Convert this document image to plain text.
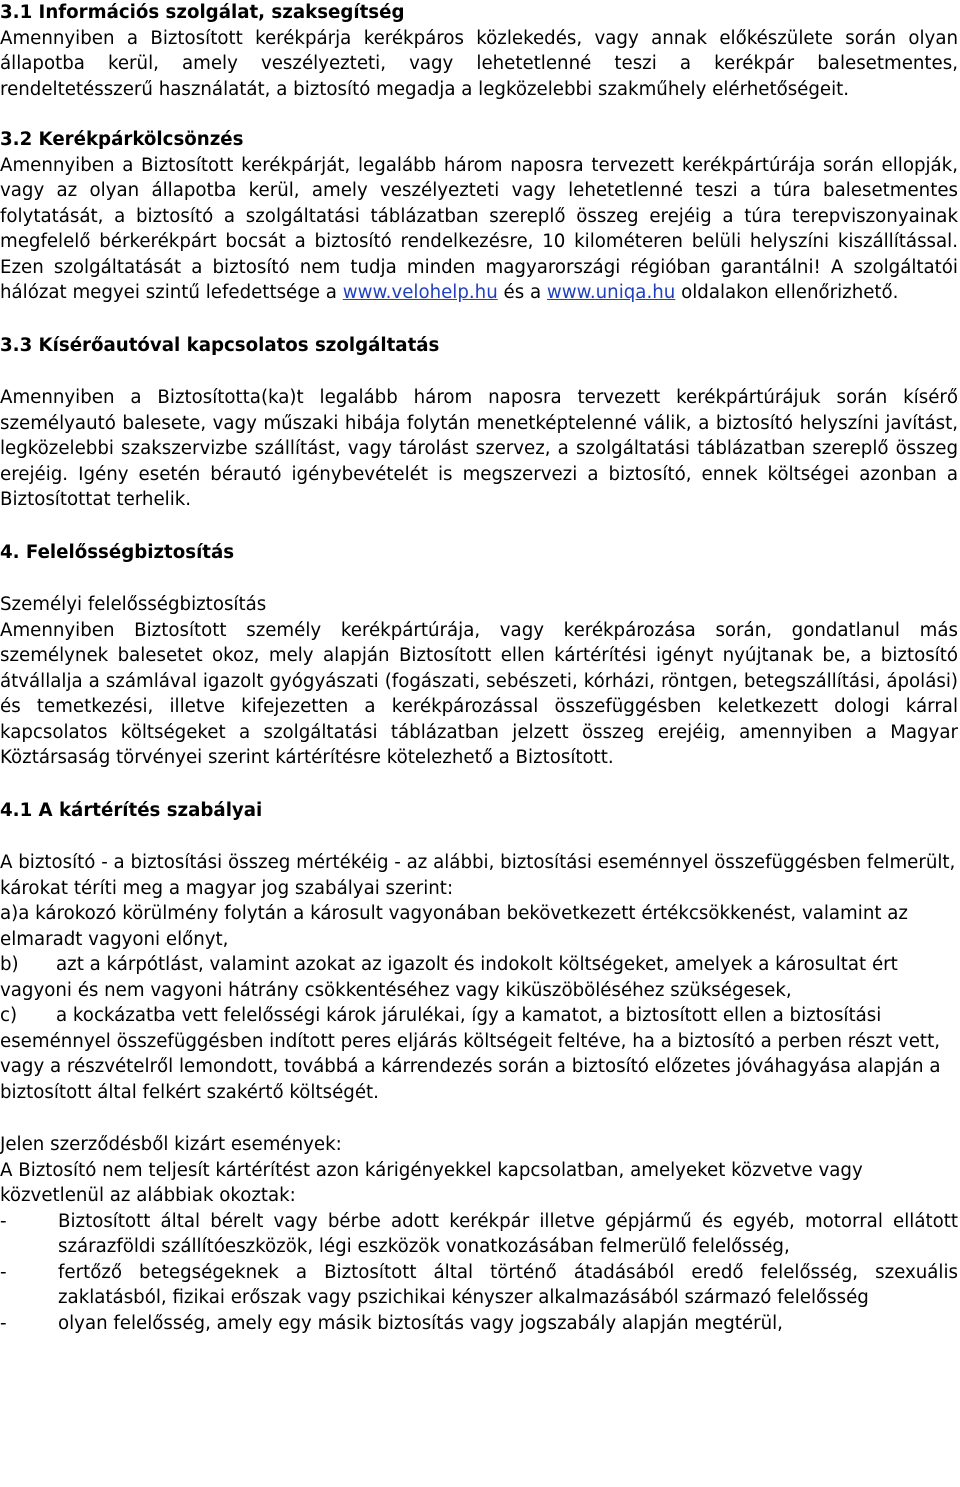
3.1 Információs szolgálat, szaksegítség

Amennyiben a Biztosított kerékpárja kerékpáros közlekedés, vagy annak előkészülete során olyan állapotba kerül, amely veszélyezteti, vagy lehetetlenné teszi a kerékpár balesetmentes, rendeltetésszerű használatát, a biztosító megadja a legközelebbi szakműhely elérhetőségeit.

3.2 Kerékpárkölcsönzés

Amennyiben a Biztosított kerékpárját, legalább három naposra tervezett kerékpártúrája során ellopják, vagy az olyan állapotba kerül, amely veszélyezteti vagy lehetetlenné teszi a túra balesetmentes folytatását, a biztosító a szolgáltatási táblázatban szereplő összeg erejéig a túra terepviszonyainak megfelelő bérkerékpárt bocsát a biztosító rendelkezésre, 10 kilométeren belüli helyszíni kiszállítással. Ezen szolgáltatását a biztosító nem tudja minden magyarországi régióban garantálni! A szolgáltatói hálózat megyei szintű lefedettsége a www.velohelp.hu és a www.uniqa.hu oldalakon ellenőrizhető.

3.3 Kísérőautóval kapcsolatos szolgáltatás

Amennyiben a Biztosította(ka)t legalább három naposra tervezett kerékpártúrájuk során kísérő személyautó balesete, vagy műszaki hibája folytán menetképtelenné válik, a biztosító helyszíni javítást, legközelebbi szakszervizbe szállítást, vagy tárolást szervez, a szolgáltatási táblázatban szereplő összeg erejéig. Igény esetén bérautó igénybevételét is megszervezi a biztosító, ennek költségei azonban a Biztosítottat terhelik.

4. Felelősségbiztosítás

Személyi felelősségbiztosítás

Amennyiben Biztosított személy kerékpártúrája, vagy kerékpározása során, gondatlanul más személynek balesetet okoz, mely alapján Biztosított ellen kártérítési igényt nyújtanak be, a biztosító átvállalja a számlával igazolt gyógyászati (fogászati, sebészeti, kórházi, röntgen, betegszállítási, ápolási) és temetkezési, illetve kifejezetten a kerékpározással összefüggésben keletkezett dologi kárral kapcsolatos költségeket a szolgáltatási táblázatban jelzett összeg erejéig, amennyiben a Magyar Köztársaság törvényei szerint kártérítésre kötelezhető a Biztosított.

4.1 A kártérítés szabályai

A biztosító - a biztosítási összeg mértékéig - az alábbi, biztosítási eseménnyel összefüggésben felmerült, károkat téríti meg a magyar jog szabályai szerint:

a)a károkozó körülmény folytán a károsult vagyonában bekövetkezett értékcsökkenést, valamint az elmaradt vagyoni előnyt,

b) azt a kárpótlást, valamint azokat az igazolt és indokolt költségeket, amelyek a károsultat ért vagyoni és nem vagyoni hátrány csökkentéséhez vagy kiküszöböléséhez szükségesek,

c) a kockázatba vett felelősségi károk járulékai, így a kamatot, a biztosított ellen a biztosítási eseménnyel összefüggésben indított peres eljárás költségeit feltéve, ha a biztosító a perben részt vett, vagy a részvételről lemondott, továbbá a kárrendezés során a biztosító előzetes jóváhagyása alapján a biztosított által felkért szakértő költségét.

Jelen szerződésből kizárt események:

A Biztosító nem teljesít kártérítést azon kárigényekkel kapcsolatban, amelyeket közvetve vagy közvetlenül az alábbiak okoztak:

-	Biztosított által bérelt vagy bérbe adott kerékpár illetve gépjármű és egyéb, motorral ellátott szárazföldi szállítóeszközök, légi eszközök vonatkozásában felmerülő felelősség,
-	fertőző betegségeknek a Biztosított által történő átadásából eredő felelősség, szexuális zaklatásból, fizikai erőszak vagy pszichikai kényszer alkalmazásából származó felelősség
-	olyan felelősség, amely egy másik biztosítás vagy jogszabály alapján megtérül,
